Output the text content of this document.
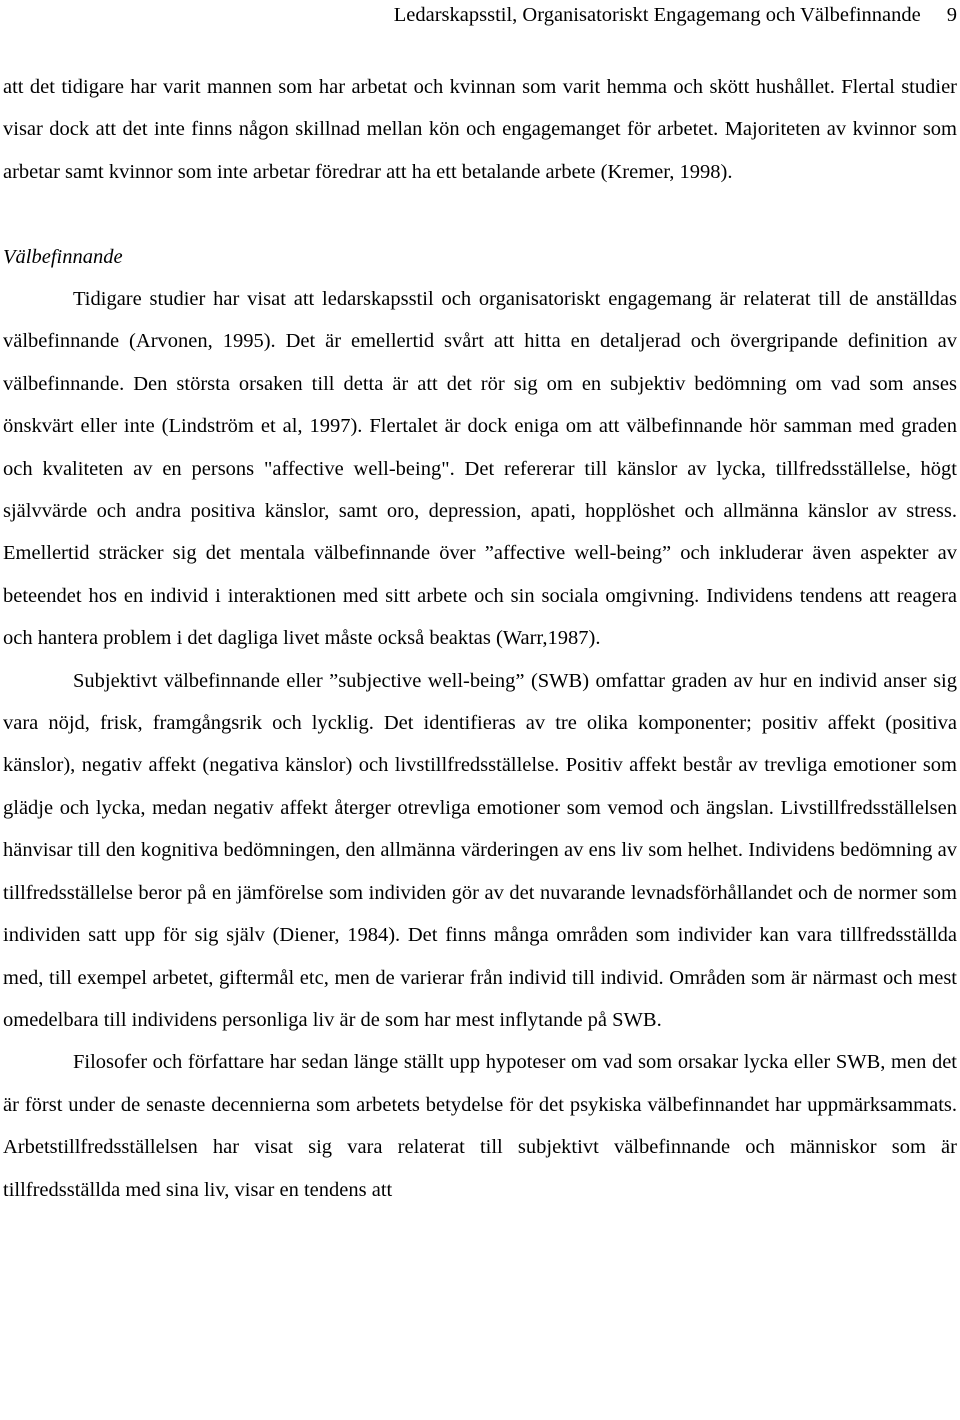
Ledarskapsstil, Organisatoriskt Engagemang och Välbefinnande 9

att det tidigare har varit mannen som har arbetat och kvinnan som varit hemma och skött hushållet. Flertal studier visar dock att det inte finns någon skillnad mellan kön och engagemanget för arbetet. Majoriteten av kvinnor som arbetar samt kvinnor som inte arbetar föredrar att ha ett betalande arbete (Kremer, 1998).

Välbefinnande

Tidigare studier har visat att ledarskapsstil och organisatoriskt engagemang är relaterat till de anställdas välbefinnande (Arvonen, 1995). Det är emellertid svårt att hitta en detaljerad och övergripande definition av välbefinnande. Den största orsaken till detta är att det rör sig om en subjektiv bedömning om vad som anses önskvärt eller inte (Lindström et al, 1997). Flertalet är dock eniga om att välbefinnande hör samman med graden och kvaliteten av en persons "affective well-being". Det refererar till känslor av lycka, tillfredsställelse, högt självvärde och andra positiva känslor, samt oro, depression, apati, hopplöshet och allmänna känslor av stress. Emellertid sträcker sig det mentala välbefinnande över ”affective well-being” och inkluderar även aspekter av beteendet hos en individ i interaktionen med sitt arbete och sin sociala omgivning. Individens tendens att reagera och hantera problem i det dagliga livet måste också beaktas (Warr,1987).

Subjektivt välbefinnande eller ”subjective well-being” (SWB) omfattar graden av hur en individ anser sig vara nöjd, frisk, framgångsrik och lycklig. Det identifieras av tre olika komponenter; positiv affekt (positiva känslor), negativ affekt (negativa känslor) och livstillfredsställelse. Positiv affekt består av trevliga emotioner som glädje och lycka, medan negativ affekt återger otrevliga emotioner som vemod och ängslan. Livstillfredsställelsen hänvisar till den kognitiva bedömningen, den allmänna värderingen av ens liv som helhet. Individens bedömning av tillfredsställelse beror på en jämförelse som individen gör av det nuvarande levnadsförhållandet och de normer som individen satt upp för sig själv (Diener, 1984). Det finns många områden som individer kan vara tillfredsställda med, till exempel arbetet, giftermål etc, men de varierar från individ till individ. Områden som är närmast och mest omedelbara till individens personliga liv är de som har mest inflytande på SWB.

Filosofer och författare har sedan länge ställt upp hypoteser om vad som orsakar lycka eller SWB, men det är först under de senaste decennierna som arbetets betydelse för det psykiska välbefinnandet har uppmärksammats. Arbetstillfredsställelsen har visat sig vara relaterat till subjektivt välbefinnande och människor som är tillfredsställda med sina liv, visar en tendens att
